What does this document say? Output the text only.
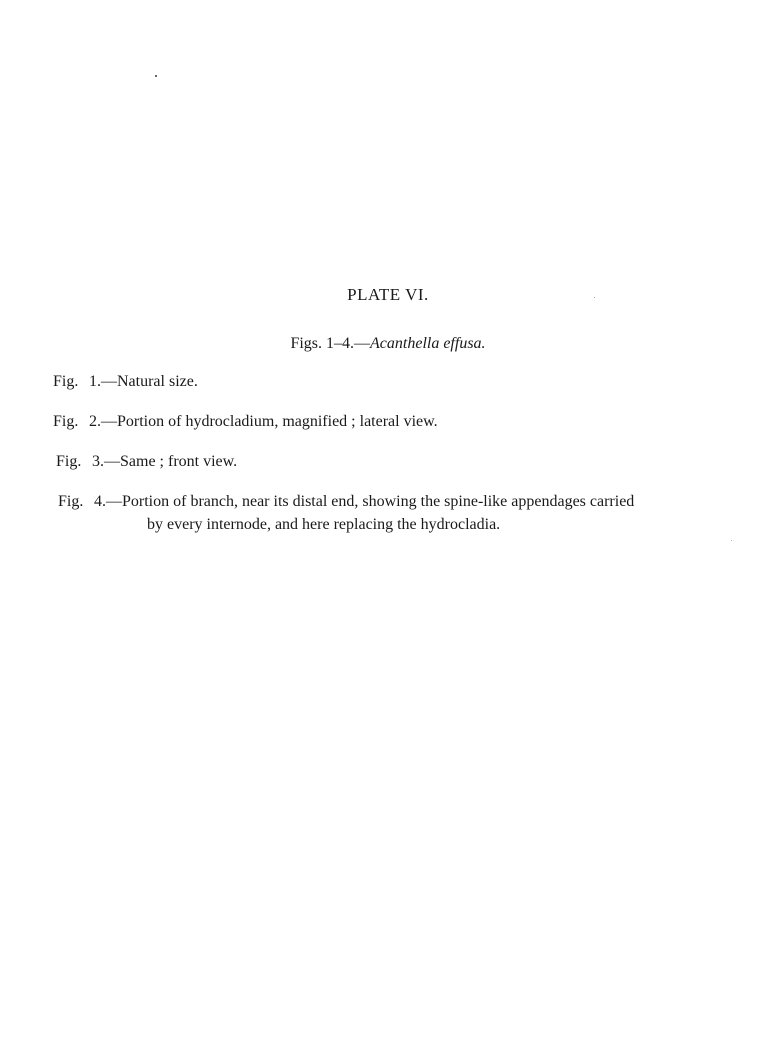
PLATE VI.
Figs. 1–4.—Acanthella effusa.
Fig. 1.—Natural size.
Fig. 2.—Portion of hydrocladium, magnified ; lateral view.
Fig. 3.—Same ; front view.
Fig. 4.—Portion of branch, near its distal end, showing the spine-like appendages carried
by every internode, and here replacing the hydrocladia.
